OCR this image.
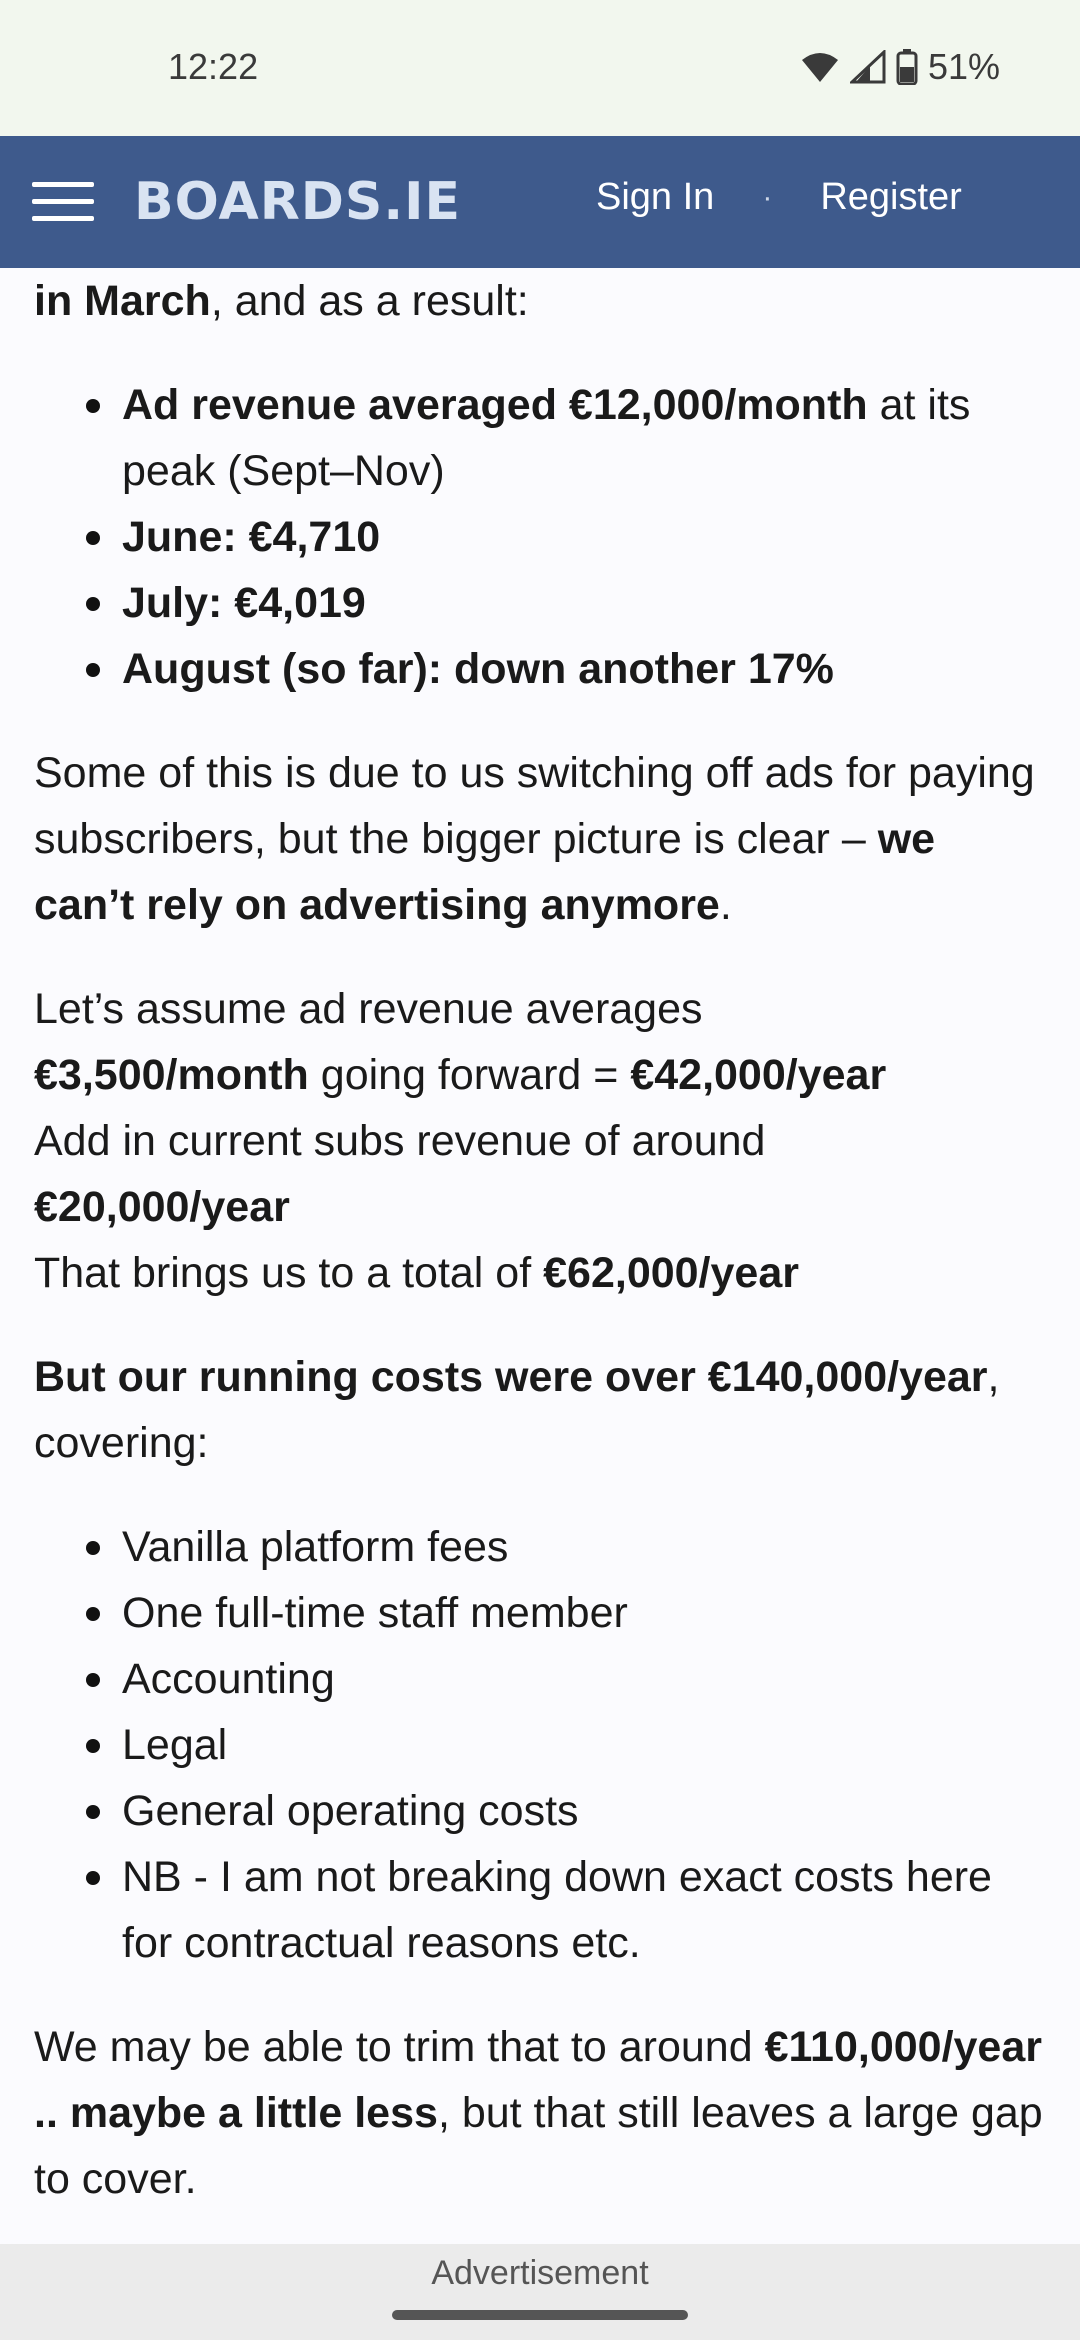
12:22	51%
BOARDS.IE	Sign In · Register

in March, and as a result:

Ad revenue averaged €12,000/month at its peak (Sept–Nov)
June: €4,710
July: €4,019
August (so far): down another 17%

Some of this is due to us switching off ads for paying subscribers, but the bigger picture is clear – we can’t rely on advertising anymore.

Let’s assume ad revenue averages
€3,500/month going forward = €42,000/year
Add in current subs revenue of around
€20,000/year
That brings us to a total of €62,000/year

But our running costs were over €140,000/year, covering:

Vanilla platform fees
One full-time staff member
Accounting
Legal
General operating costs
NB - I am not breaking down exact costs here for contractual reasons etc.

We may be able to trim that to around €110,000/year .. maybe a little less, but that still leaves a large gap to cover.

Advertisement
